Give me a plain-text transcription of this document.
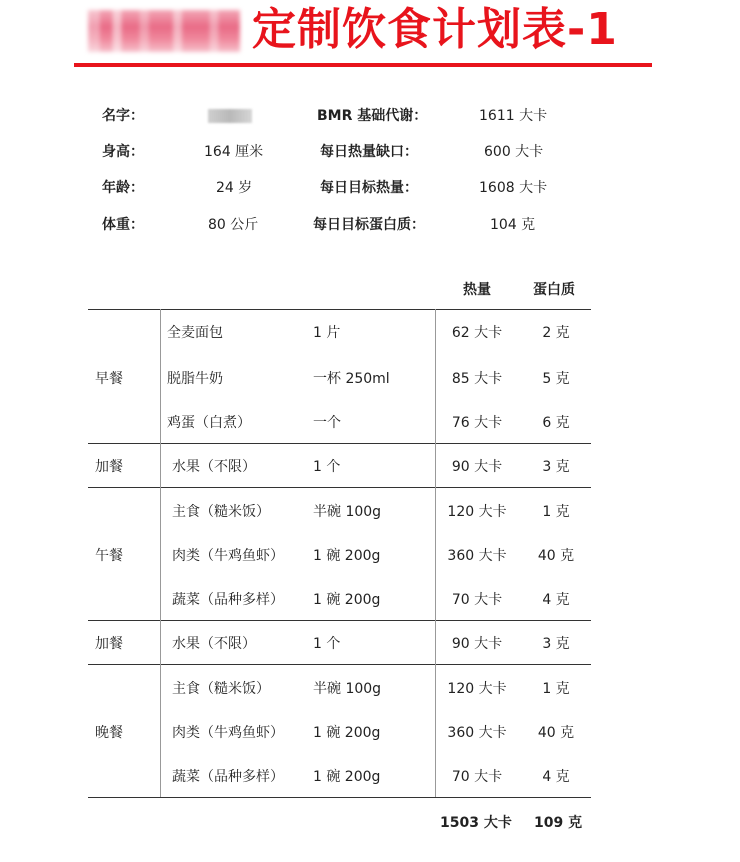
定制饮食计划表-1
名字：
身高：	164 厘米
年龄：	24 岁
体重：	80 公斤
BMR 基础代谢：	1611 大卡
每日热量缺口：	600 大卡
每日目标热量：	1608 大卡
每日目标蛋白质：	104 克
热量	蛋白质
早餐
全麦面包	1 片	62 大卡	2 克
脱脂牛奶	一杯 250ml	85 大卡	5 克
鸡蛋（白煮）	一个	76 大卡	6 克
加餐	水果（不限）	1 个	90 大卡	3 克
午餐
主食（糙米饭）	半碗 100g	120 大卡	1 克
肉类（牛鸡鱼虾） 1 碗 200g	360 大卡	40 克
蔬菜（品种多样） 1 碗 200g	70 大卡	4 克
加餐	水果（不限）	1 个	90 大卡	3 克
晚餐
主食（糙米饭）	半碗 100g	120 大卡	1 克
肉类（牛鸡鱼虾） 1 碗 200g	360 大卡	40 克
蔬菜（品种多样） 1 碗 200g	70 大卡	4 克
1503 大卡 109 克
